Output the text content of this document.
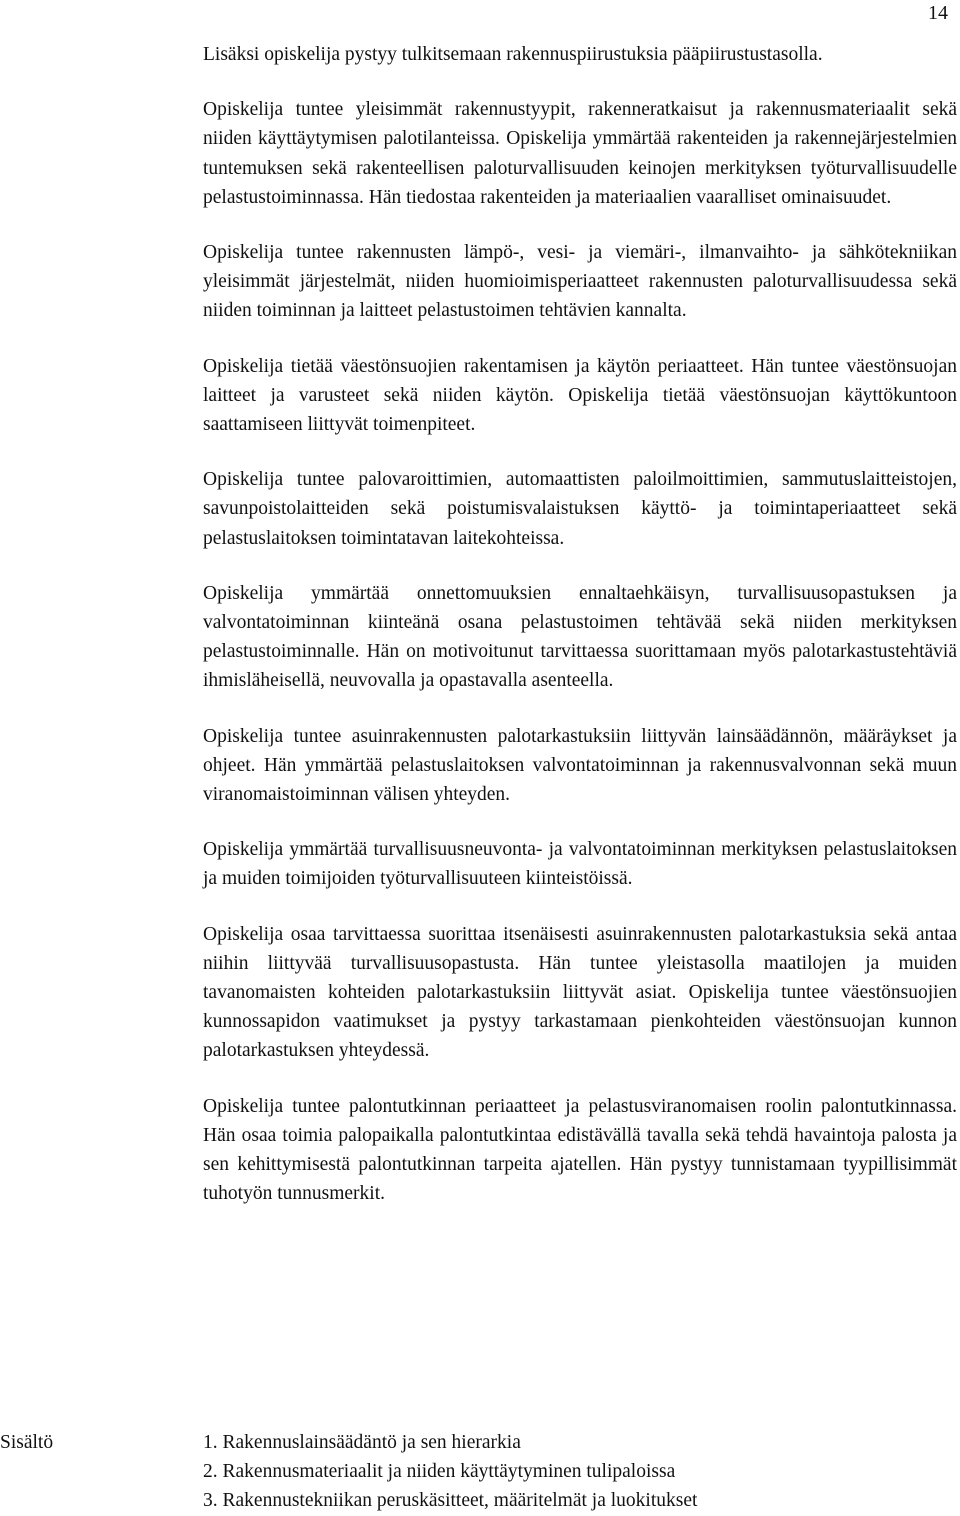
14

Lisäksi opiskelija pystyy tulkitsemaan rakennuspiirustuksia pääpiirustustasolla.

Opiskelija tuntee yleisimmät rakennustyypit, rakenneratkaisut ja rakennusmateriaalit sekä niiden käyttäytymisen palotilanteissa. Opiskelija ymmärtää rakenteiden ja rakennejärjestelmien tuntemuksen sekä rakenteellisen paloturvallisuuden keinojen merkityksen työturvallisuudelle pelastustoiminnassa. Hän tiedostaa rakenteiden ja materiaalien vaaralliset ominaisuudet.

Opiskelija tuntee rakennusten lämpö-, vesi- ja viemäri-, ilmanvaihto- ja sähkötekniikan yleisimmät järjestelmät, niiden huomioimisperiaatteet rakennusten paloturvallisuudessa sekä niiden toiminnan ja laitteet pelastustoimen tehtävien kannalta.

Opiskelija tietää väestönsuojien rakentamisen ja käytön periaatteet. Hän tuntee väestönsuojan laitteet ja varusteet sekä niiden käytön. Opiskelija tietää väestönsuojan käyttökuntoon saattamiseen liittyvät toimenpiteet.

Opiskelija tuntee palovaroittimien, automaattisten paloilmoittimien, sammutuslaitteistojen, savunpoistolaitteiden sekä poistumisvalaistuksen käyttö- ja toimintaperiaatteet sekä pelastuslaitoksen toimintatavan laitekohteissa.

Opiskelija ymmärtää onnettomuuksien ennaltaehkäisyn, turvallisuusopastuksen ja valvontatoiminnan kiinteänä osana pelastustoimen tehtävää sekä niiden merkityksen pelastustoiminnalle. Hän on motivoitunut tarvittaessa suorittamaan myös palotarkastustehtäviä ihmisläheisellä, neuvovalla ja opastavalla asenteella.

Opiskelija tuntee asuinrakennusten palotarkastuksiin liittyvän lainsäädännön, määräykset ja ohjeet. Hän ymmärtää pelastuslaitoksen valvontatoiminnan ja rakennusvalvonnan sekä muun viranomaistoiminnan välisen yhteyden.

Opiskelija ymmärtää turvallisuusneuvonta- ja valvontatoiminnan merkityksen pelastuslaitoksen ja muiden toimijoiden työturvallisuuteen kiinteistöissä.

Opiskelija osaa tarvittaessa suorittaa itsenäisesti asuinrakennusten palotarkastuksia sekä antaa niihin liittyvää turvallisuusopastusta. Hän tuntee yleistasolla maatilojen ja muiden tavanomaisten kohteiden palotarkastuksiin liittyvät asiat. Opiskelija tuntee väestönsuojien kunnossapidon vaatimukset ja pystyy tarkastamaan pienkohteiden väestönsuojan kunnon palotarkastuksen yhteydessä.

Opiskelija tuntee palontutkinnan periaatteet ja pelastusviranomaisen roolin palontutkinnassa. Hän osaa toimia palopaikalla palontutkintaa edistävällä tavalla sekä tehdä havaintoja palosta ja sen kehittymisestä palontutkinnan tarpeita ajatellen. Hän pystyy tunnistamaan tyypillisimmät tuhotyön tunnusmerkit.

Sisältö	1. Rakennuslainsäädäntö ja sen hierarkia
2. Rakennusmateriaalit ja niiden käyttäytyminen tulipaloissa
3. Rakennustekniikan peruskäsitteet, määritelmät ja luokitukset
